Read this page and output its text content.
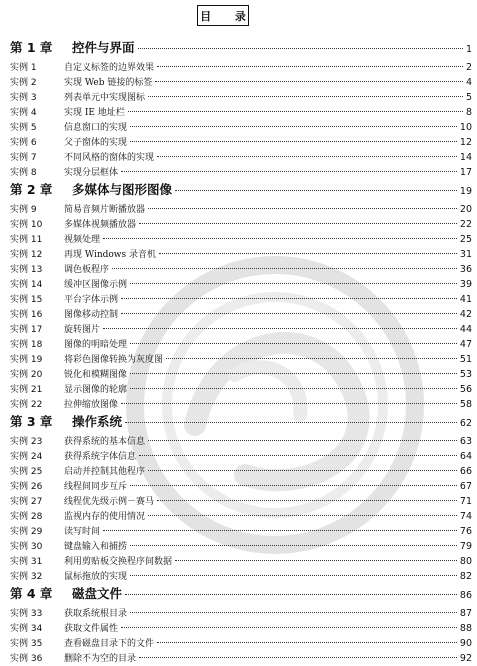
目 录
第 1 章	控件与界面	1
实例 1	自定义标签的边界效果	2
实例 2	实现 Web 链接的标签	4
实例 3	列表单元中实现图标	5
实例 4	实现 IE 地址栏	8
实例 5	信息窗口的实现	10
实例 6	父子窗体的实现	12
实例 7	不同风格的窗体的实现	14
实例 8	实现分层框体	17
第 2 章	多媒体与图形图像	19
实例 9	简易音频片断播放器	20
实例 10	多媒体视频播放器	22
实例 11	视频处理	25
实例 12	再现 Windows 录音机	31
实例 13	调色板程序	36
实例 14	缓冲区图像示例	39
实例 15	平台字体示例	41
实例 16	图像移动控制	42
实例 17	旋转图片	44
实例 18	图像的明暗处理	47
实例 19	将彩色图像转换为灰度图	51
实例 20	锐化和模糊图像	53
实例 21	显示图像的轮廓	56
实例 22	拉伸缩放图像	58
第 3 章	操作系统	62
实例 23	获得系统的基本信息	63
实例 24	获得系统字体信息	64
实例 25	启动并控制其他程序	66
实例 26	线程间同步互斥	67
实例 27	线程优先级示例－赛马	71
实例 28	监视内存的使用情况	74
实例 29	读写时间	76
实例 30	键盘输入和捕捞	79
实例 31	利用剪贴板交换程序间数据	80
实例 32	鼠标拖放的实现	82
第 4 章	磁盘文件	86
实例 33	获取系统根目录	87
实例 34	获取文件属性	88
实例 35	查看磁盘目录下的文件	90
实例 36	删除不为空的目录	92
